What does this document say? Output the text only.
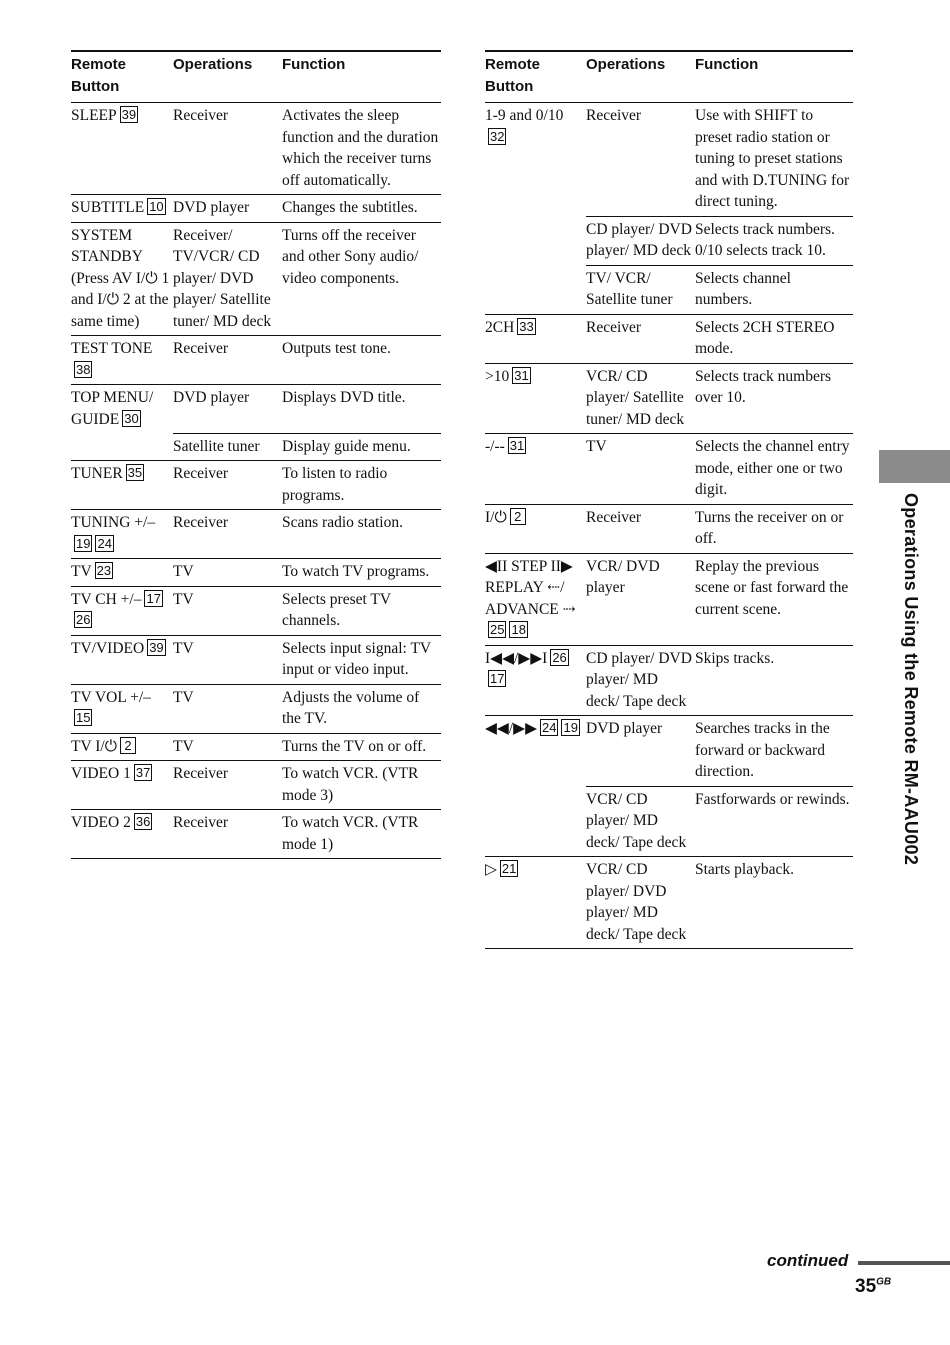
Remote Button	Operations	Function
SLEEP 39	Receiver	Activates the sleep function and the duration which the receiver turns off automatically.
SUBTITLE 10	DVD player	Changes the subtitles.
SYSTEM STANDBY (Press AV I/⏻ 1 and I/⏻ 2 at the same time)	Receiver/ TV/VCR/ CD player/ DVD player/ Satellite tuner/ MD deck	Turns off the receiver and other Sony audio/ video components.
TEST TONE38	Receiver	Outputs test tone.
TOP MENU/ GUIDE 30	DVD player	Displays DVD title.
	Satellite tuner	Display guide menu.
TUNER 35	Receiver	To listen to radio programs.
TUNING +/–19 24	Receiver	Scans radio station.
TV 23	TV	To watch TV programs.
TV CH +/– 1726	TV	Selects preset TV channels.
TV/VIDEO 39	TV	Selects input signal: TV input or video input.
TV VOL +/–15	TV	Adjusts the volume of the TV.
TV I/⏻ 2	TV	Turns the TV on or off.
VIDEO 1 37	Receiver	To watch VCR. (VTR mode 3)
VIDEO 2 36	Receiver	To watch VCR. (VTR mode 1)
Remote Button	Operations	Function
1-9 and 0/1032	Receiver	Use with SHIFT to preset radio station or tuning to preset stations and with D.TUNING for direct tuning.
	CD player/ DVD player/ MD deck	Selects track numbers. 0/10 selects track 10.
	TV/ VCR/ Satellite tuner	Selects channel numbers.
2CH 33	Receiver	Selects 2CH STEREO mode.
>10 31	VCR/ CD player/ Satellite tuner/ MD deck	Selects track numbers over 10.
-/-- 31	TV	Selects the channel entry mode, either one or two digit.
I/⏻ 2	Receiver	Turns the receiver on or off.
◀II STEP II▶ REPLAY ⇠/ ADVANCE ⇢25 18	VCR/ DVD player	Replay the previous scene or fast forward the current scene.
I◀◀/▶▶I 2617	CD player/ DVD player/ MD deck/ Tape deck	Skips tracks.
◀◀/▶▶ 24 19	DVD player	Searches tracks in the forward or backward direction.
	VCR/ CD player/ MD deck/ Tape deck	Fastforwards or rewinds.
▷ 21	VCR/ CD player/ DVD player/ MD deck/ Tape deck	Starts playback.
Operations Using the Remote RM-AAU002
continued
$35^{GB}$
